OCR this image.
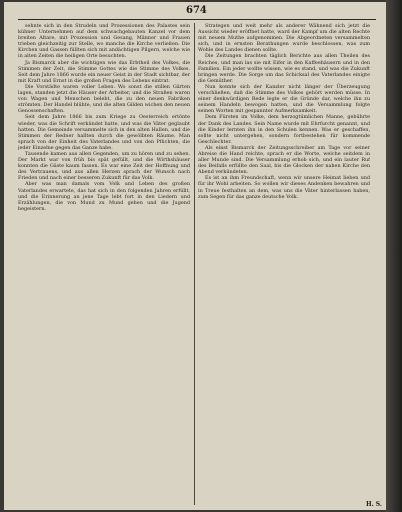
674

sehnte sich in den Strudeln und Prozessionen des Palastes sein kühner Unternehmen auf dem schwachgebauten Kanzel vor dem breiten Altare, mit Prozession und Gesang, Männer und Frauen trieben gleichzeitig zur Stelle, wo manche die Kirche verließen. Die Kirchen und Gassen füllten sich mit andächtigen Pilgern, welche wie in alten Zeiten die heiligen Orte besuchten.

Ja Bismarck aber die wichtigen wie das Erbtheil des Volkes, die Stimmen der Zeit, die Stimme Gottes wie die Stimme des Volkes. Seit dem Jahre 1866 wurde ein neuer Geist in der Stadt sichtbar, der mit Kraft und Ernst in die großen Fragen des Lebens eintrat.

Die Vorstädte waren voller Leben. Wo sonst die stillen Gärten lagen, standen jetzt die Häuser der Arbeiter, und die Straßen waren von Wagen und Menschen belebt, die zu den neuen Fabriken strömten. Der Handel blühte, und die alten Gilden wichen den neuen Genossenschaften.

Seit dem Jahre 1866 bis zum Kriege zu Oesterreich ertönte wieder, was die Schrift verkündet hatte, und was die Väter geglaubt hatten. Die Gemeinde versammelte sich in den alten Hallen, und die Stimmen der Redner hallten durch die gewölbten Räume. Man sprach von der Einheit des Vaterlandes und von den Pflichten, die jeder Einzelne gegen das Ganze habe.

Tausende kamen aus allen Gegenden, um zu hören und zu sehen. Der Markt war von früh bis spät gefüllt, und die Wirthshäuser konnten die Gäste kaum fassen. Es war eine Zeit der Hoffnung und des Vertrauens, und aus allen Herzen sprach der Wunsch nach Frieden und nach einer besseren Zukunft für das Volk.

Aber was man damals vom Volk und Leben des großen Vaterlandes erwartete, das hat sich in den folgenden Jahren erfüllt, und die Erinnerung an jene Tage lebt fort in den Liedern und Erzählungen, die von Mund zu Mund gehen und die Jugend begeistern.

Strategen und weit mehr als anderer Wähnend sich jetzt die Aussicht wieder eröffnet hatte, ward der Kampf um die alten Rechte mit neuem Muthe aufgenommen. Die Abgeordneten versammelten sich, und in ernsten Berathungen wurde beschlossen, was zum Wohle des Landes dienen sollte.

Die Zeitungen brachten täglich Berichte aus allen Theilen des Reiches, und man las sie mit Eifer in den Kaffeehäusern und in den Familien. Ein jeder wollte wissen, wie es stand, und was die Zukunft bringen werde. Die Sorge um das Schicksal des Vaterlandes einigte die Gemüther.

Nun konnte sich der Kanzler nicht länger der Überzeugung verschließen, daß die Stimme des Volkes gehört werden müsse. In einer denkwürdigen Rede legte er die Gründe dar, welche ihn zu seinem Handeln bewogen hatten, und die Versammlung folgte seinen Worten mit gespannter Aufmerksamkeit.

Dem Fürsten im Volke, dem herzogtümlichen Manne, gebührte der Dank des Landes. Sein Name wurde mit Ehrfurcht genannt, und die Kinder lernten ihn in den Schulen kennen. Was er geschaffen, sollte nicht untergehen, sondern fortbestehen für kommende Geschlechter.

Als einst Bismarck der Zeitungsschreiber am Tage vor seiner Abreise die Hand reichte, sprach er die Worte, welche seitdem in aller Munde sind. Die Versammlung erhob sich, und ein lauter Ruf des Beifalls erfüllte den Saal, bis die Glocken der nahen Kirche den Abend verkündeten.

Es ist an ihm Freundschaft, wenn wir unsere Heimat lieben und für ihr Wohl arbeiten. So wollen wir dieses Andenken bewahren und in Treue festhalten an dem, was uns die Väter hinterlassen haben, zum Segen für das ganze deutsche Volk.

H. S.
